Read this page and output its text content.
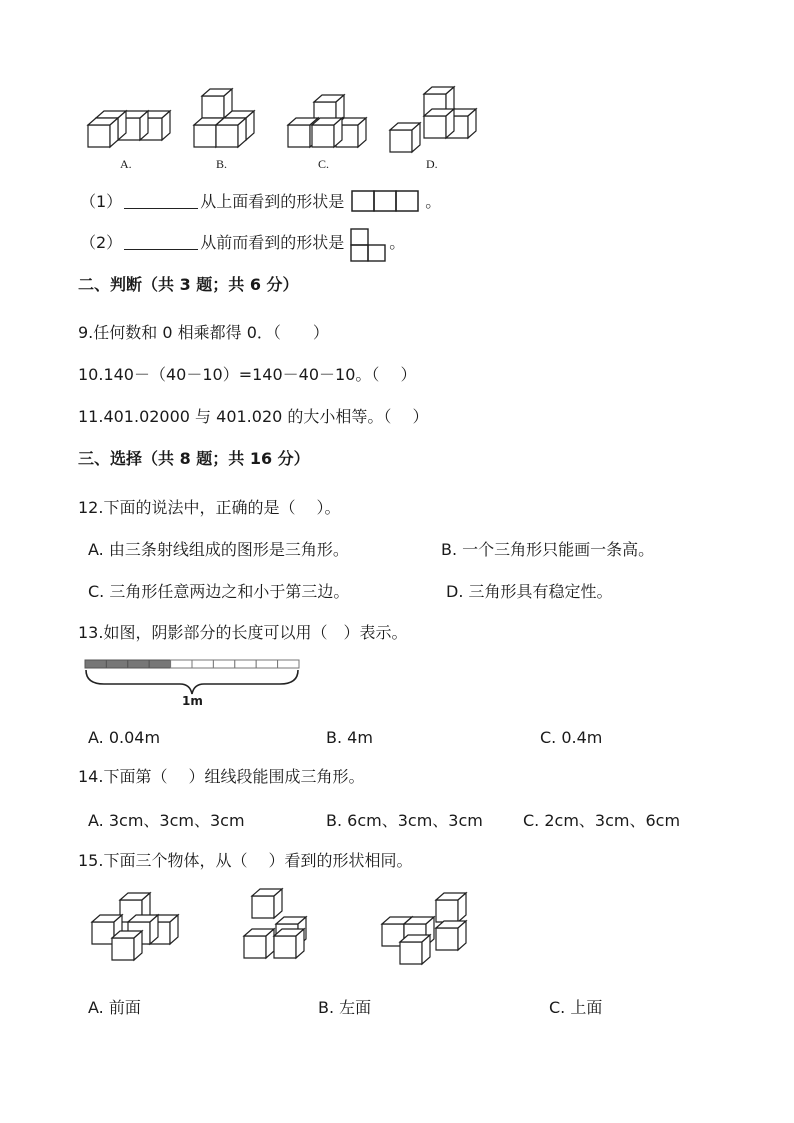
A.	B.	C.	D.
（1）	从上面看到的形状是	。
（2）	从前而看到的形状是	。
二、判断（共 3 题；共 6 分）
9.任何数和 0 相乘都得 0．（　　）
10.140－（40－10）=140－40－10。（　 ）
11.401.02000 与 401.020 的大小相等。（　 ）
三、选择（共 8 题；共 16 分）
12.下面的说法中，正确的是（　 ）。
A. 由三条射线组成的图形是三角形。	B. 一个三角形只能画一条高。
C. 三角形任意两边之和小于第三边。	D. 三角形具有稳定性。
13.如图，阴影部分的长度可以用（　）表示。
1m
A. 0.04m	B. 4m	C. 0.4m
14.下面第（　 ）组线段能围成三角形。
A. 3cm、3cm、3cm	B. 6cm、3cm、3cm	C. 2cm、3cm、6cm
15.下面三个物体，从（　 ）看到的形状相同。
A. 前面	B. 左面	C. 上面
